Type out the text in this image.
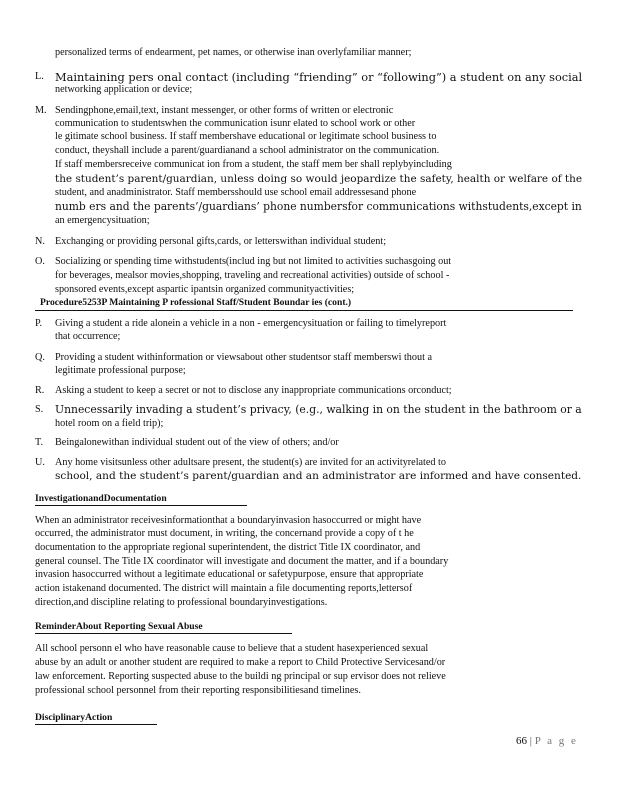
personalized terms of endearment, pet names, or otherwise inan overlyfamiliar manner;
L. Maintaining pers onal contact (including “friending” or “following”) a student on any social
networking application or device;
M. Sendingphone,email,text, instant messenger, or other forms of written or electronic
communication to studentswhen the communication isunr elated to school work or other
le gitimate school business. If staff membershave educational or legitimate school business to
conduct, theyshall include a parent/guardianand a school administrator on the communication.
If staff membersreceive communicat ion from a student, the staff mem ber shall replybyincluding
the student’s parent/guardian, unless doing so would jeopardize the safety, health or welfare of the
student, and anadministrator. Staff membersshould use school email addressesand phone
numb ers and the parents’/guardians’ phone numbersfor communications withstudents,except in
an emergencysituation;
N. Exchanging or providing personal gifts,cards, or letterswithan individual student;
O. Socializing or spending time withstudents(includ ing but not limited to activities suchasgoing out
for beverages, mealsor movies,shopping, traveling and recreational activities) outside of school -
sponsored events,except aspartic ipantsin organized communityactivities;
Procedure5253P Maintaining P rofessional Staff/Student Boundar ies (cont.)
P. Giving a student a ride alonein a vehicle in a non - emergencysituation or failing to timelyreport
that occurrence;
Q. Providing a student withinformation or viewsabout other studentsor staff memberswi thout a
legitimate professional purpose;
R. Asking a student to keep a secret or not to disclose any inappropriate communications orconduct;
S. Unnecessarily invading a student’s privacy, (e.g., walking in on the student in the bathroom or a
hotel room on a field trip);
T. Beingalonewithan individual student out of the view of others; and/or
U. Any home visitsunless other adultsare present, the student(s) are invited for an activityrelated to
school, and the student’s parent/guardian and an administrator are informed and have consented.
InvestigationandDocumentation
When an administrator receivesinformationthat a boundaryinvasion hasoccurred or might have
occurred, the administrator must document, in writing, the concernand provide a copy of t he
documentation to the appropriate regional superintendent, the district Title IX coordinator, and
general counsel. The Title IX coordinator will investigate and document the matter, and if a boundary
invasion hasoccurred without a legitimate educational or safetypurpose, ensure that appropriate
action istakenand documented. The district will maintain a file documenting reports,lettersof
direction,and discipline relating to professional boundaryinvestigations.
ReminderAbout Reporting Sexual Abuse
All school personn el who have reasonable cause to believe that a student hasexperienced sexual
abuse by an adult or another student are required to make a report to Child Protective Servicesand/or
law enforcement. Reporting suspected abuse to the buildi ng principal or sup ervisor does not relieve
professional school personnel from their reporting responsibilitiesand timelines.
DisciplinaryAction
66 | P a g e
